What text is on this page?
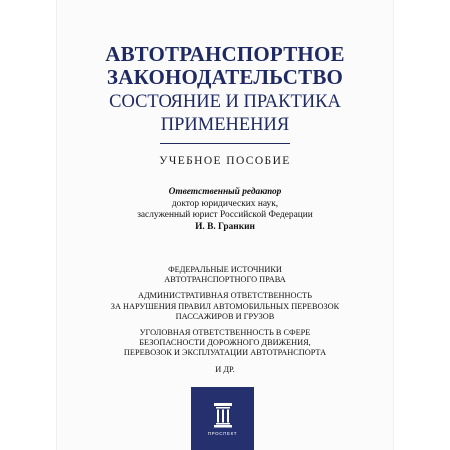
АВТОТРАНСПОРТНОЕ
ЗАКОНОДАТЕЛЬСТВО
СОСТОЯНИЕ И ПРАКТИКА
ПРИМЕНЕНИЯ
УЧЕБНОЕ ПОСОБИЕ
Ответственный редактор
доктор юридических наук,
заслуженный юрист Российской Федерации
И. В. Гранкин
ФЕДЕРАЛЬНЫЕ ИСТОЧНИКИ
АВТОТРАНСПОРТНОГО ПРАВА
АДМИНИСТРАТИВНАЯ ОТВЕТСТВЕННОСТЬ
ЗА НАРУШЕНИЯ ПРАВИЛ АВТОМОБИЛЬНЫХ ПЕРЕВОЗОК
ПАССАЖИРОВ И ГРУЗОВ
УГОЛОВНАЯ ОТВЕТСТВЕННОСТЬ В СФЕРЕ
БЕЗОПАСНОСТИ ДОРОЖНОГО ДВИЖЕНИЯ,
ПЕРЕВОЗОК И ЭКСПЛУАТАЦИИ АВТОТРАНСПОРТА
И ДР.
ПРОСПЕКТ
